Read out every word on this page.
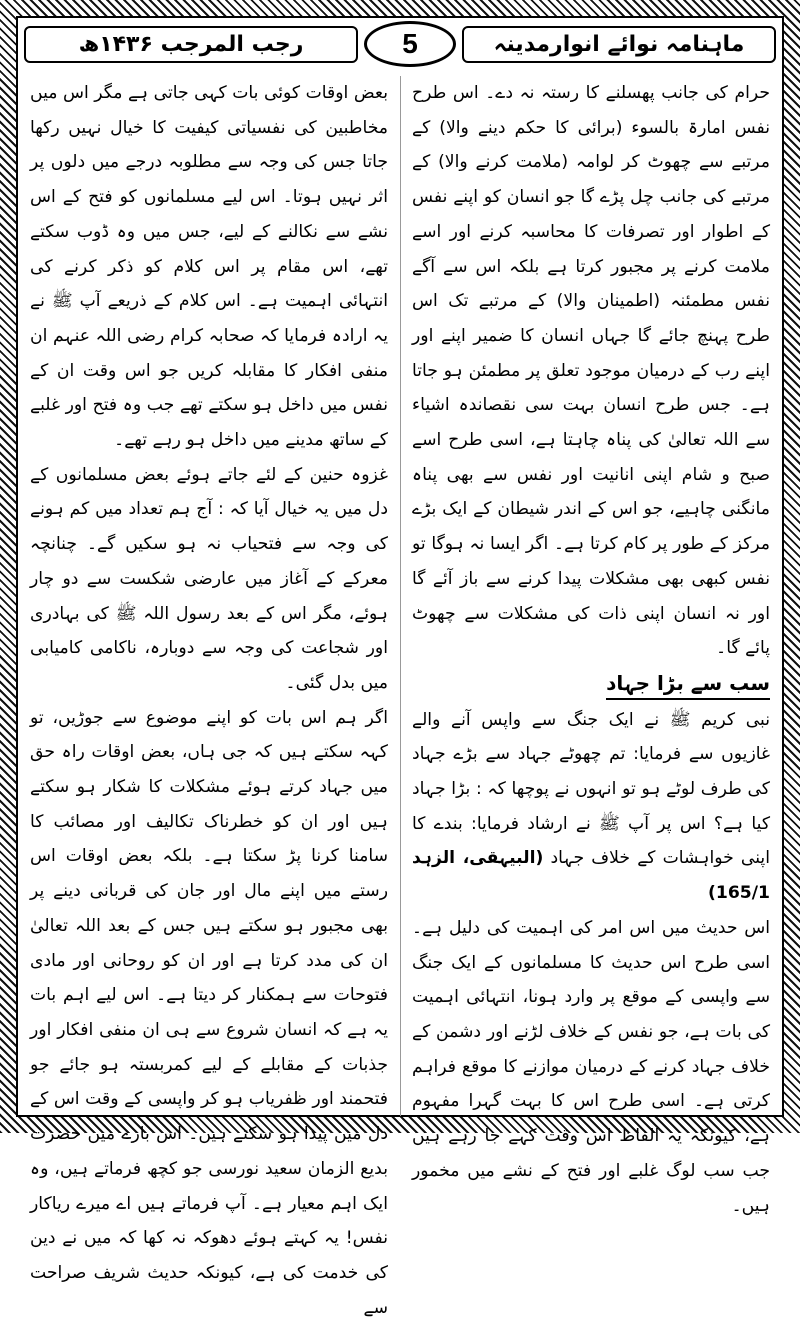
رجب المرجب ۱۴۳۶ھ	5	ماہنامہ نوائے انوارمدینہ

حرام کی جانب پھسلنے کا رستہ نہ دے۔ اس طرح نفس امارۃ بالسوء (برائی کا حکم دینے والا) کے مرتبے سے چھوٹ کر لوامہ (ملامت کرنے والا) کے مرتبے کی جانب چل پڑے گا جو انسان کو اپنے نفس کے اطوار اور تصرفات کا محاسبہ کرنے اور اسے ملامت کرنے پر مجبور کرتا ہے بلکہ اس سے آگے نفس مطمئنہ (اطمینان والا) کے مرتبے تک اس طرح پہنچ جائے گا جہاں انسان کا ضمیر اپنے اور اپنے رب کے درمیان موجود تعلق پر مطمئن ہو جاتا ہے۔ جس طرح انسان بہت سی نقصاندہ اشیاء سے اللہ تعالیٰ کی پناہ چاہتا ہے، اسی طرح اسے صبح و شام اپنی انانیت اور نفس سے بھی پناہ مانگنی چاہیے، جو اس کے اندر شیطان کے ایک بڑے مرکز کے طور پر کام کرتا ہے۔ اگر ایسا نہ ہوگا تو نفس کبھی بھی مشکلات پیدا کرنے سے باز آئے گا اور نہ انسان اپنی ذات کی مشکلات سے چھوٹ پائے گا۔

سب سے بڑا جہاد

نبی کریم ﷺ نے ایک جنگ سے واپس آنے والے غازیوں سے فرمایا: تم چھوٹے جہاد سے بڑے جہاد کی طرف لوٹے ہو تو انہوں نے پوچھا کہ : بڑا جہاد کیا ہے؟ اس پر آپ ﷺ نے ارشاد فرمایا: بندے کا اپنی خواہشات کے خلاف جہاد (البیہقی، الزہد 165/1)

اس حدیث میں اس امر کی اہمیت کی دلیل ہے۔ اسی طرح اس حدیث کا مسلمانوں کے ایک جنگ سے واپسی کے موقع پر وارد ہونا، انتہائی اہمیت کی بات ہے، جو نفس کے خلاف لڑنے اور دشمن کے خلاف جہاد کرنے کے درمیان موازنے کا موقع فراہم کرتی ہے۔ اسی طرح اس کا بہت گہرا مفہوم ہے، کیونکہ یہ الفاظ اس وقت کہے جا رہے ہیں جب سب لوگ غلبے اور فتح کے نشے میں مخمور ہیں۔

بعض اوقات کوئی بات کہی جاتی ہے مگر اس میں مخاطبین کی نفسیاتی کیفیت کا خیال نہیں رکھا جاتا جس کی وجہ سے مطلوبہ درجے میں دلوں پر اثر نہیں ہوتا۔ اس لیے مسلمانوں کو فتح کے اس نشے سے نکالنے کے لیے، جس میں وہ ڈوب سکتے تھے، اس مقام پر اس کلام کو ذکر کرنے کی انتہائی اہمیت ہے۔ اس کلام کے ذریعے آپ ﷺ نے یہ ارادہ فرمایا کہ صحابہ کرام رضی اللہ عنہم ان منفی افکار کا مقابلہ کریں جو اس وقت ان کے نفس میں داخل ہو سکتے تھے جب وہ فتح اور غلبے کے ساتھ مدینے میں داخل ہو رہے تھے۔

غزوہ حنین کے لئے جاتے ہوئے بعض مسلمانوں کے دل میں یہ خیال آیا کہ : آج ہم تعداد میں کم ہونے کی وجہ سے فتحیاب نہ ہو سکیں گے۔ چنانچہ معرکے کے آغاز میں عارضی شکست سے دو چار ہوئے، مگر اس کے بعد رسول اللہ ﷺ کی بہادری اور شجاعت کی وجہ سے دوبارہ، ناکامی کامیابی میں بدل گئی۔

اگر ہم اس بات کو اپنے موضوع سے جوڑیں، تو کہہ سکتے ہیں کہ جی ہاں، بعض اوقات راہ حق میں جہاد کرتے ہوئے مشکلات کا شکار ہو سکتے ہیں اور ان کو خطرناک تکالیف اور مصائب کا سامنا کرنا پڑ سکتا ہے۔ بلکہ بعض اوقات اس رستے میں اپنے مال اور جان کی قربانی دینے پر بھی مجبور ہو سکتے ہیں جس کے بعد اللہ تعالیٰ ان کی مدد کرتا ہے اور ان کو روحانی اور مادی فتوحات سے ہمکنار کر دیتا ہے۔ اس لیے اہم بات یہ ہے کہ انسان شروع سے ہی ان منفی افکار اور جذبات کے مقابلے کے لیے کمربستہ ہو جائے جو فتحمند اور ظفریاب ہو کر واپسی کے وقت اس کے دل میں پیدا ہو سکتے ہیں۔ اس بارے میں حضرت بدیع الزمان سعید نورسی جو کچھ فرماتے ہیں، وہ ایک اہم معیار ہے۔ آپ فرماتے ہیں اے میرے ریاکار نفس! یہ کہتے ہوئے دھوکہ نہ کھا کہ میں نے دین کی خدمت کی ہے، کیونکہ حدیث شریف صراحت سے
